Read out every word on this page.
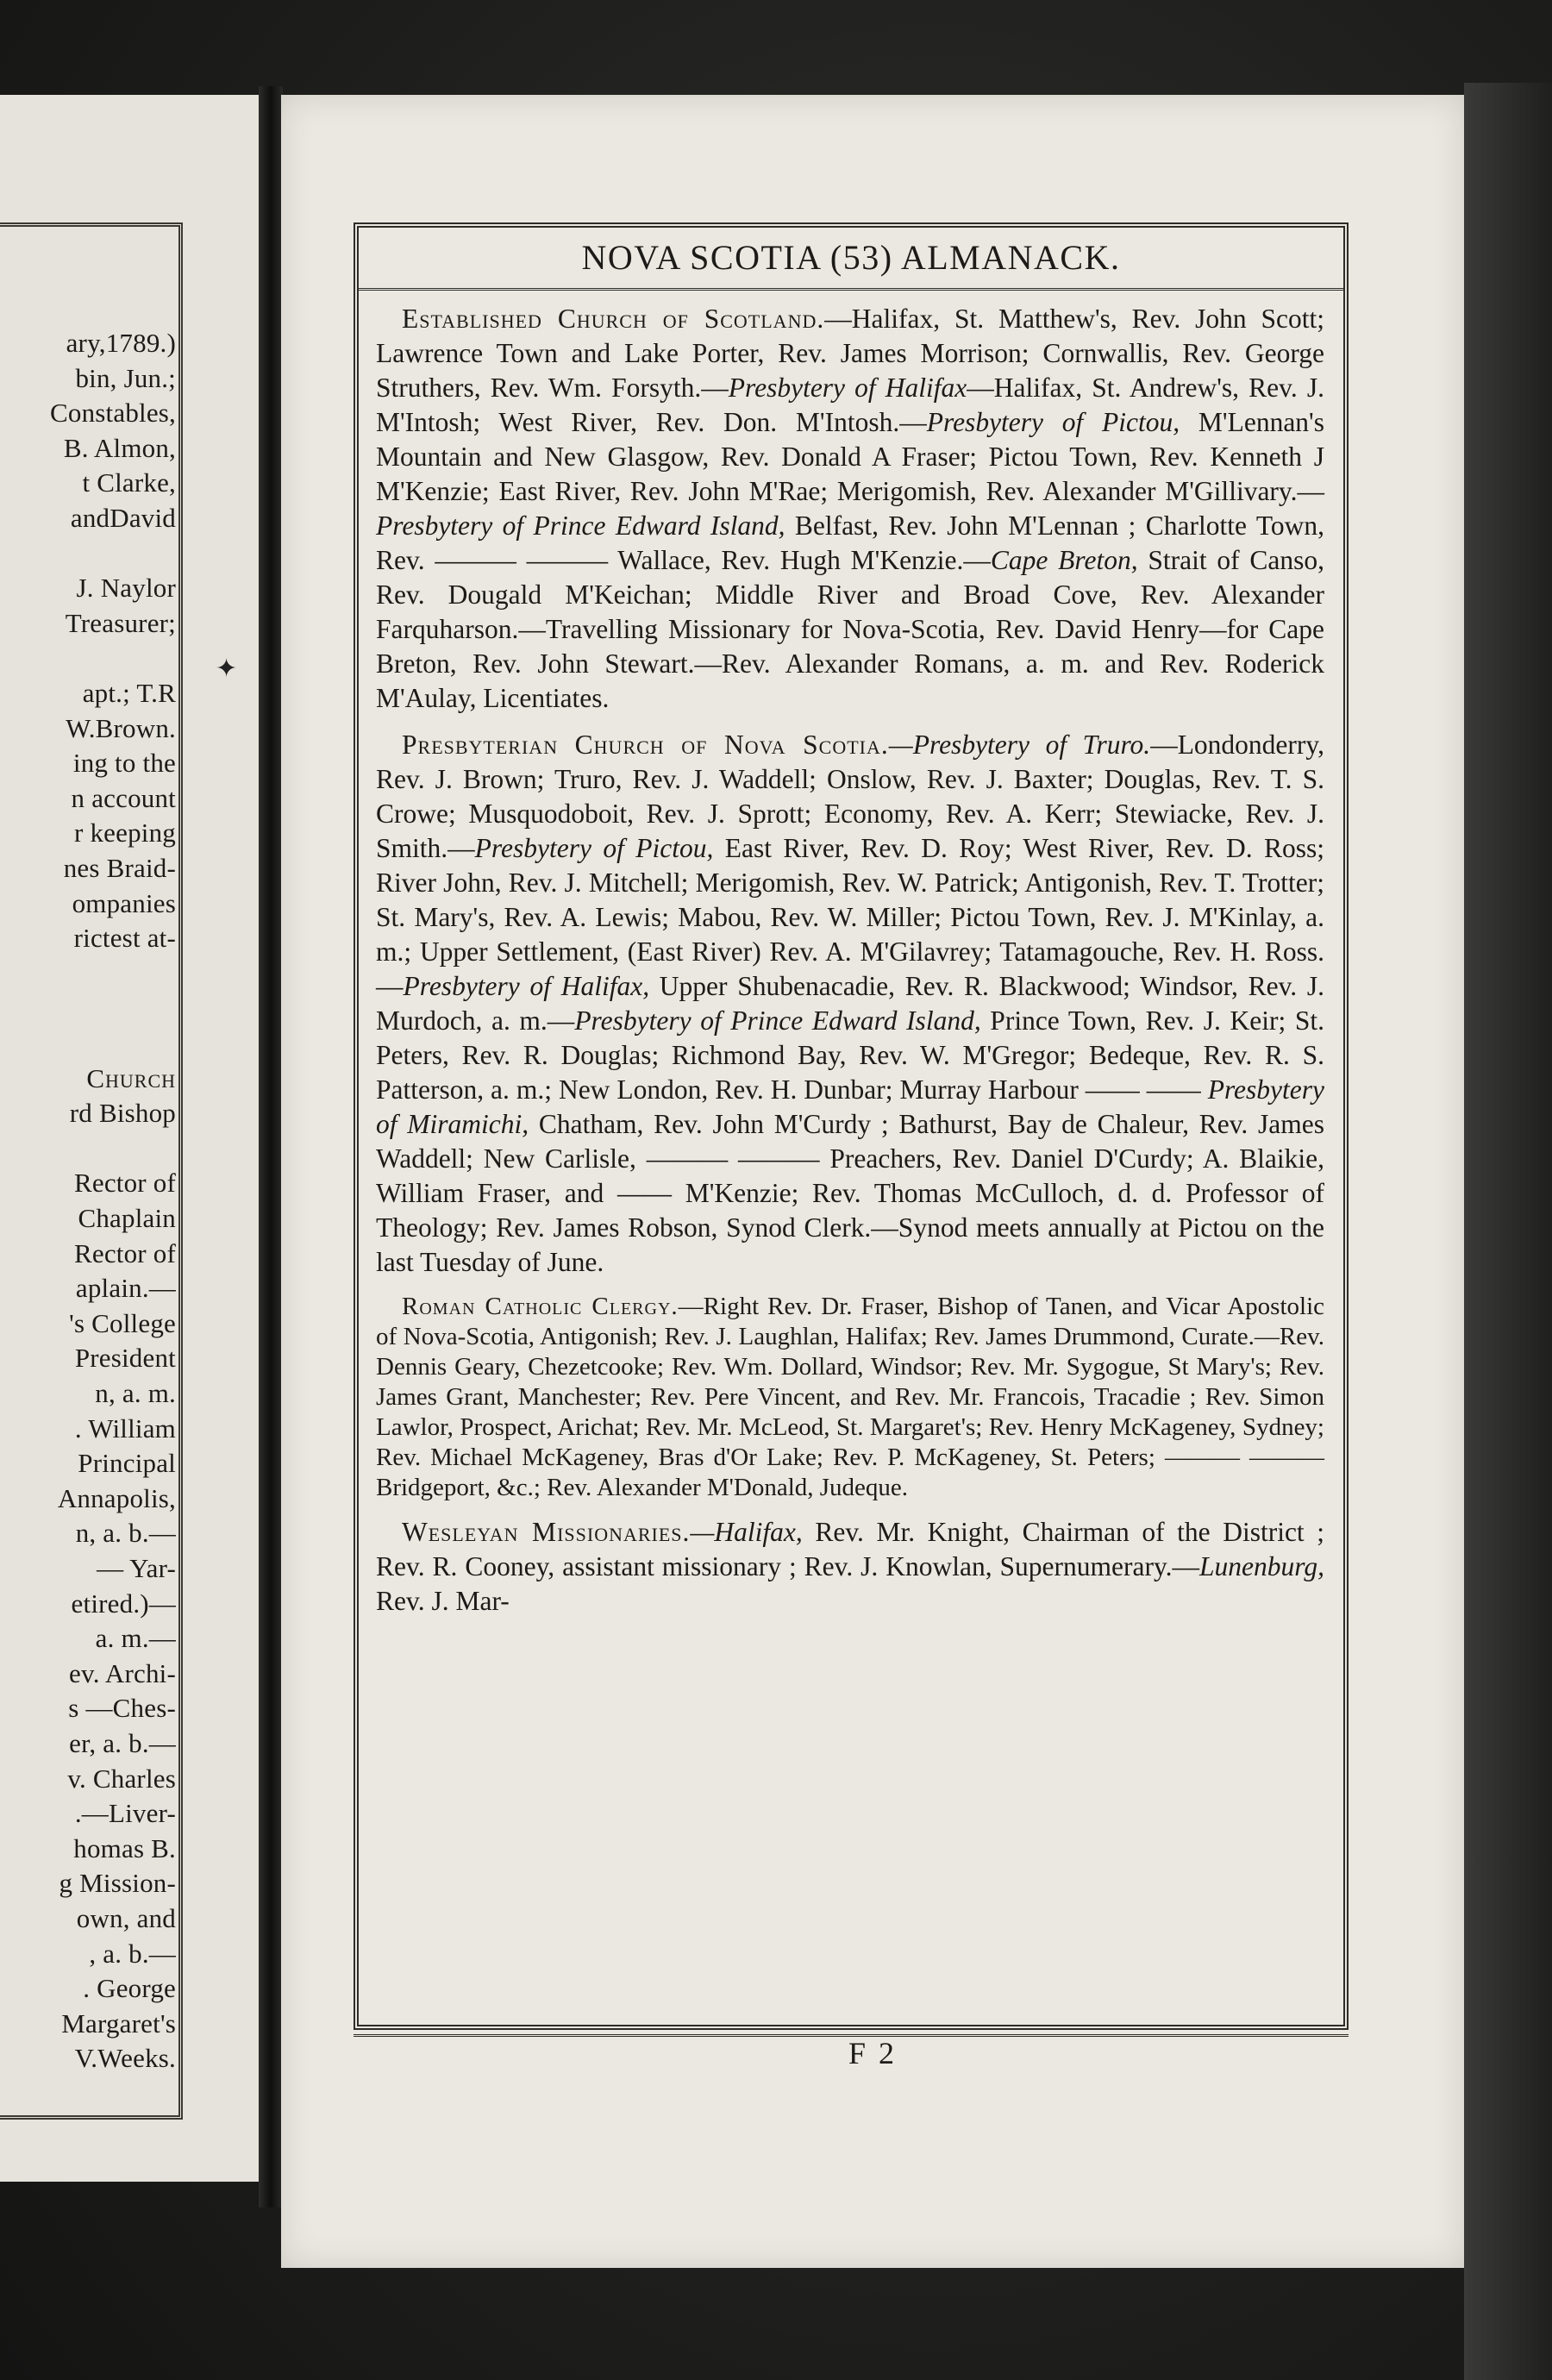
ary,1789.)
bin, Jun.;
Constables,
B. Almon,
t Clarke,
andDavid
J. Naylor
Treasurer;
apt.; T.R
W.Brown.
ing to the
n account
r keeping
nes Braid-
ompanies
rictest at-
Church
rd Bishop
Rector of
Chaplain
Rector of
aplain.—
's College
President
n, a. m.
. William
Principal
Annapolis,
n, a. b.—
— Yar-
etired.)—
a. m.—
ev. Archi-
s —Ches-
er, a. b.—
v. Charles
.—Liver-
homas B.
g Mission-
own, and
, a. b.—
. George
Margaret's
V.Weeks.
NOVA SCOTIA (53) ALMANACK.

Established Church of Scotland.—Halifax, St. Matthew's, Rev. John Scott; Lawrence Town and Lake Porter, Rev. James Morrison; Cornwallis, Rev. George Struthers, Rev. Wm. Forsyth.—Presbytery of Halifax—Halifax, St. Andrew's, Rev. J. M'Intosh; West River, Rev. Don. M'Intosh.—Presbytery of Pictou, M'Lennan's Mountain and New Glasgow, Rev. Donald A Fraser; Pictou Town, Rev. Kenneth J M'Kenzie; East River, Rev. John M'Rae; Merigomish, Rev. Alexander M'Gillivary.—Presbytery of Prince Edward Island, Belfast, Rev. John M'Lennan ; Charlotte Town, Rev. ——— ——— Wallace, Rev. Hugh M'Kenzie.—Cape Breton, Strait of Canso, Rev. Dougald M'Keichan; Middle River and Broad Cove, Rev. Alexander Farquharson.—Travelling Missionary for Nova-Scotia, Rev. David Henry—for Cape Breton, Rev. John Stewart.—Rev. Alexander Romans, a. m. and Rev. Roderick M'Aulay, Licentiates.

Presbyterian Church of Nova Scotia.—Presbytery of Truro.—Londonderry, Rev. J. Brown; Truro, Rev. J. Waddell; Onslow, Rev. J. Baxter; Douglas, Rev. T. S. Crowe; Musquodoboit, Rev. J. Sprott; Economy, Rev. A. Kerr; Stewiacke, Rev. J. Smith.—Presbytery of Pictou, East River, Rev. D. Roy; West River, Rev. D. Ross; River John, Rev. J. Mitchell; Merigomish, Rev. W. Patrick; Antigonish, Rev. T. Trotter; St. Mary's, Rev. A. Lewis; Mabou, Rev. W. Miller; Pictou Town, Rev. J. M'Kinlay, a. m.; Upper Settlement, (East River) Rev. A. M'Gilavrey; Tatamagouche, Rev. H. Ross. —Presbytery of Halifax, Upper Shubenacadie, Rev. R. Blackwood; Windsor, Rev. J. Murdoch, a. m.—Presbytery of Prince Edward Island, Prince Town, Rev. J. Keir; St. Peters, Rev. R. Douglas; Richmond Bay, Rev. W. M'Gregor; Bedeque, Rev. R. S. Patterson, a. m.; New London, Rev. H. Dunbar; Murray Harbour —— —— Presbytery of Miramichi, Chatham, Rev. John M'Curdy ; Bathurst, Bay de Chaleur, Rev. James Waddell; New Carlisle, ——— ——— Preachers, Rev. Daniel D'Curdy; A. Blaikie, William Fraser, and —— M'Kenzie; Rev. Thomas McCulloch, d. d. Professor of Theology; Rev. James Robson, Synod Clerk.—Synod meets annually at Pictou on the last Tuesday of June.

Roman Catholic Clergy.—Right Rev. Dr. Fraser, Bishop of Tanen, and Vicar Apostolic of Nova-Scotia, Antigonish; Rev. J. Laughlan, Halifax; Rev. James Drummond, Curate.—Rev. Dennis Geary, Chezetcooke; Rev. Wm. Dollard, Windsor; Rev. Mr. Sygogue, St Mary's; Rev. James Grant, Manchester; Rev. Pere Vincent, and Rev. Mr. Francois, Tracadie ; Rev. Simon Lawlor, Prospect, Arichat; Rev. Mr. McLeod, St. Margaret's; Rev. Henry McKageney, Sydney; Rev. Michael McKageney, Bras d'Or Lake; Rev. P. McKageney, St. Peters; ——— ——— Bridgeport, &c.; Rev. Alexander M'Donald, Judeque.

Wesleyan Missionaries.—Halifax, Rev. Mr. Knight, Chairman of the District ; Rev. R. Cooney, assistant missionary ; Rev. J. Knowlan, Supernumerary.—Lunenburg, Rev. J. Mar-

F 2
✦
